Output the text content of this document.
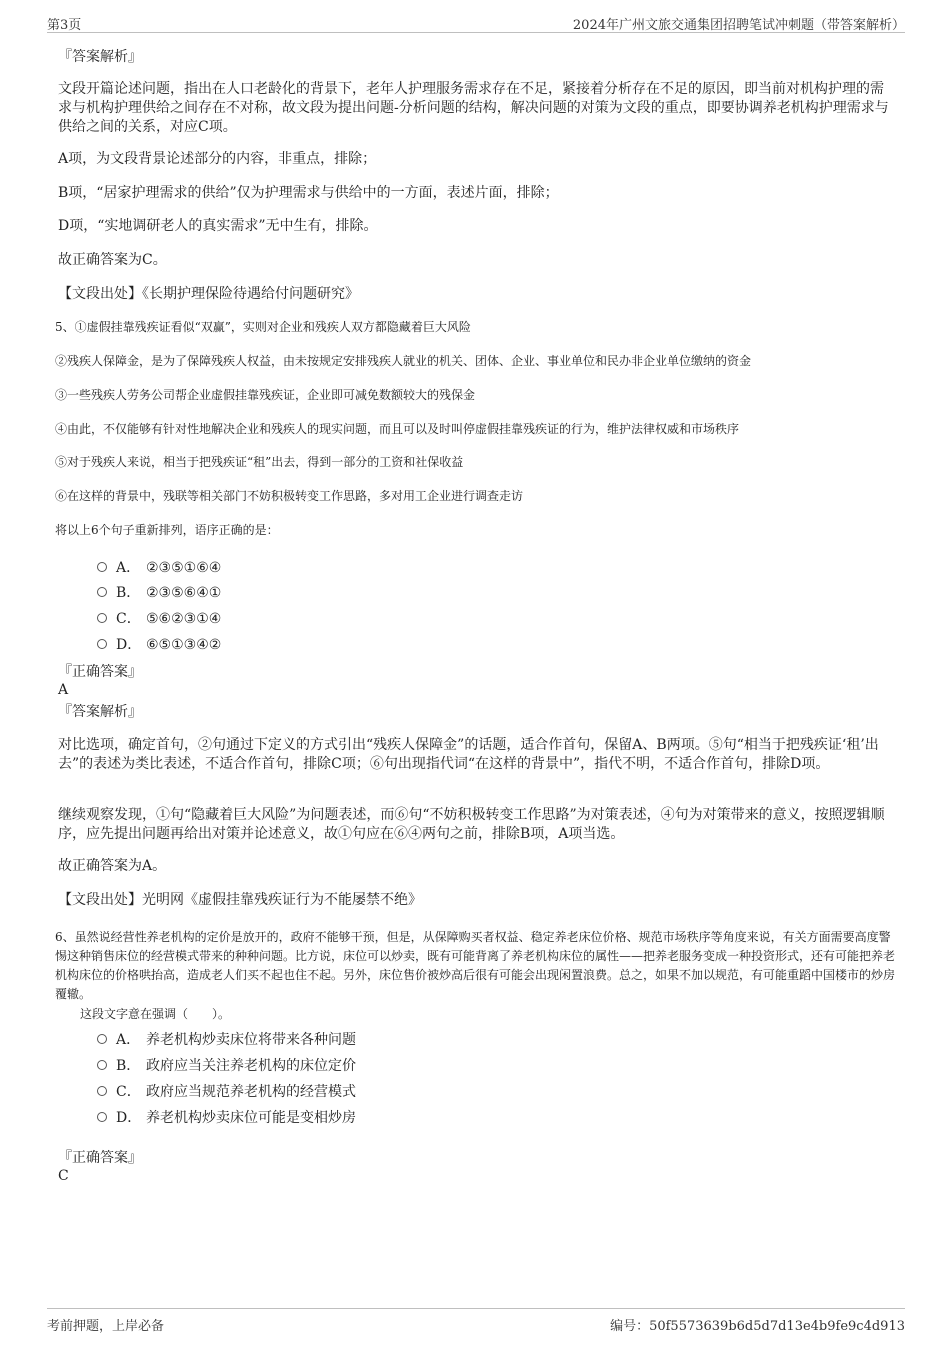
第3页	2024年广州文旅交通集团招聘笔试冲刺题（带答案解析）
『答案解析』
文段开篇论述问题，指出在人口老龄化的背景下，老年人护理服务需求存在不足，紧接着分析存在不足的原因，即当前对机构护理的需求与机构护理供给之间存在不对称，故文段为提出问题-分析问题的结构，解决问题的对策为文段的重点，即要协调养老机构护理需求与供给之间的关系，对应C项。
A项，为文段背景论述部分的内容，非重点，排除；
B项，“居家护理需求的供给”仅为护理需求与供给中的一方面，表述片面，排除；
D项，“实地调研老人的真实需求”无中生有，排除。
故正确答案为C。
【文段出处】《长期护理保险待遇给付问题研究》
5、①虚假挂靠残疾证看似“双赢”，实则对企业和残疾人双方都隐藏着巨大风险
②残疾人保障金，是为了保障残疾人权益，由未按规定安排残疾人就业的机关、团体、企业、事业单位和民办非企业单位缴纳的资金
③一些残疾人劳务公司帮企业虚假挂靠残疾证，企业即可减免数额较大的残保金
④由此，不仅能够有针对性地解决企业和残疾人的现实问题，而且可以及时叫停虚假挂靠残疾证的行为，维护法律权威和市场秩序
⑤对于残疾人来说，相当于把残疾证“租”出去，得到一部分的工资和社保收益
⑥在这样的背景中，残联等相关部门不妨积极转变工作思路，多对用工企业进行调查走访
将以上6个句子重新排列，语序正确的是：
A． ②③⑤①⑥④
B． ②③⑤⑥④①
C． ⑤⑥②③①④
D． ⑥⑤①③④②
『正确答案』
A
『答案解析』
对比选项，确定首句，②句通过下定义的方式引出“残疾人保障金”的话题，适合作首句，保留A、B两项。⑤句“相当于把残疾证‘租’出去”的表述为类比表述，不适合作首句，排除C项；⑥句出现指代词“在这样的背景中”，指代不明，不适合作首句，排除D项。
继续观察发现，①句“隐藏着巨大风险”为问题表述，而⑥句“不妨积极转变工作思路”为对策表述，④句为对策带来的意义，按照逻辑顺序，应先提出问题再给出对策并论述意义，故①句应在⑥④两句之前，排除B项，A项当选。
故正确答案为A。
【文段出处】光明网《虚假挂靠残疾证行为不能屡禁不绝》
6、虽然说经营性养老机构的定价是放开的，政府不能够干预，但是，从保障购买者权益、稳定养老床位价格、规范市场秩序等角度来说，有关方面需要高度警惕这种销售床位的经营模式带来的种种问题。比方说，床位可以炒卖，既有可能背离了养老机构床位的属性——把养老服务变成一种投资形式，还有可能把养老机构床位的价格哄抬高，造成老人们买不起也住不起。另外，床位售价被炒高后很有可能会出现闲置浪费。总之，如果不加以规范，有可能重蹈中国楼市的炒房覆辙。
这段文字意在强调（　　）。
A． 养老机构炒卖床位将带来各种问题
B． 政府应当关注养老机构的床位定价
C． 政府应当规范养老机构的经营模式
D． 养老机构炒卖床位可能是变相炒房
『正确答案』
C
考前押题，上岸必备	编号：50f5573639b6d5d7d13e4b9fe9c4d913
